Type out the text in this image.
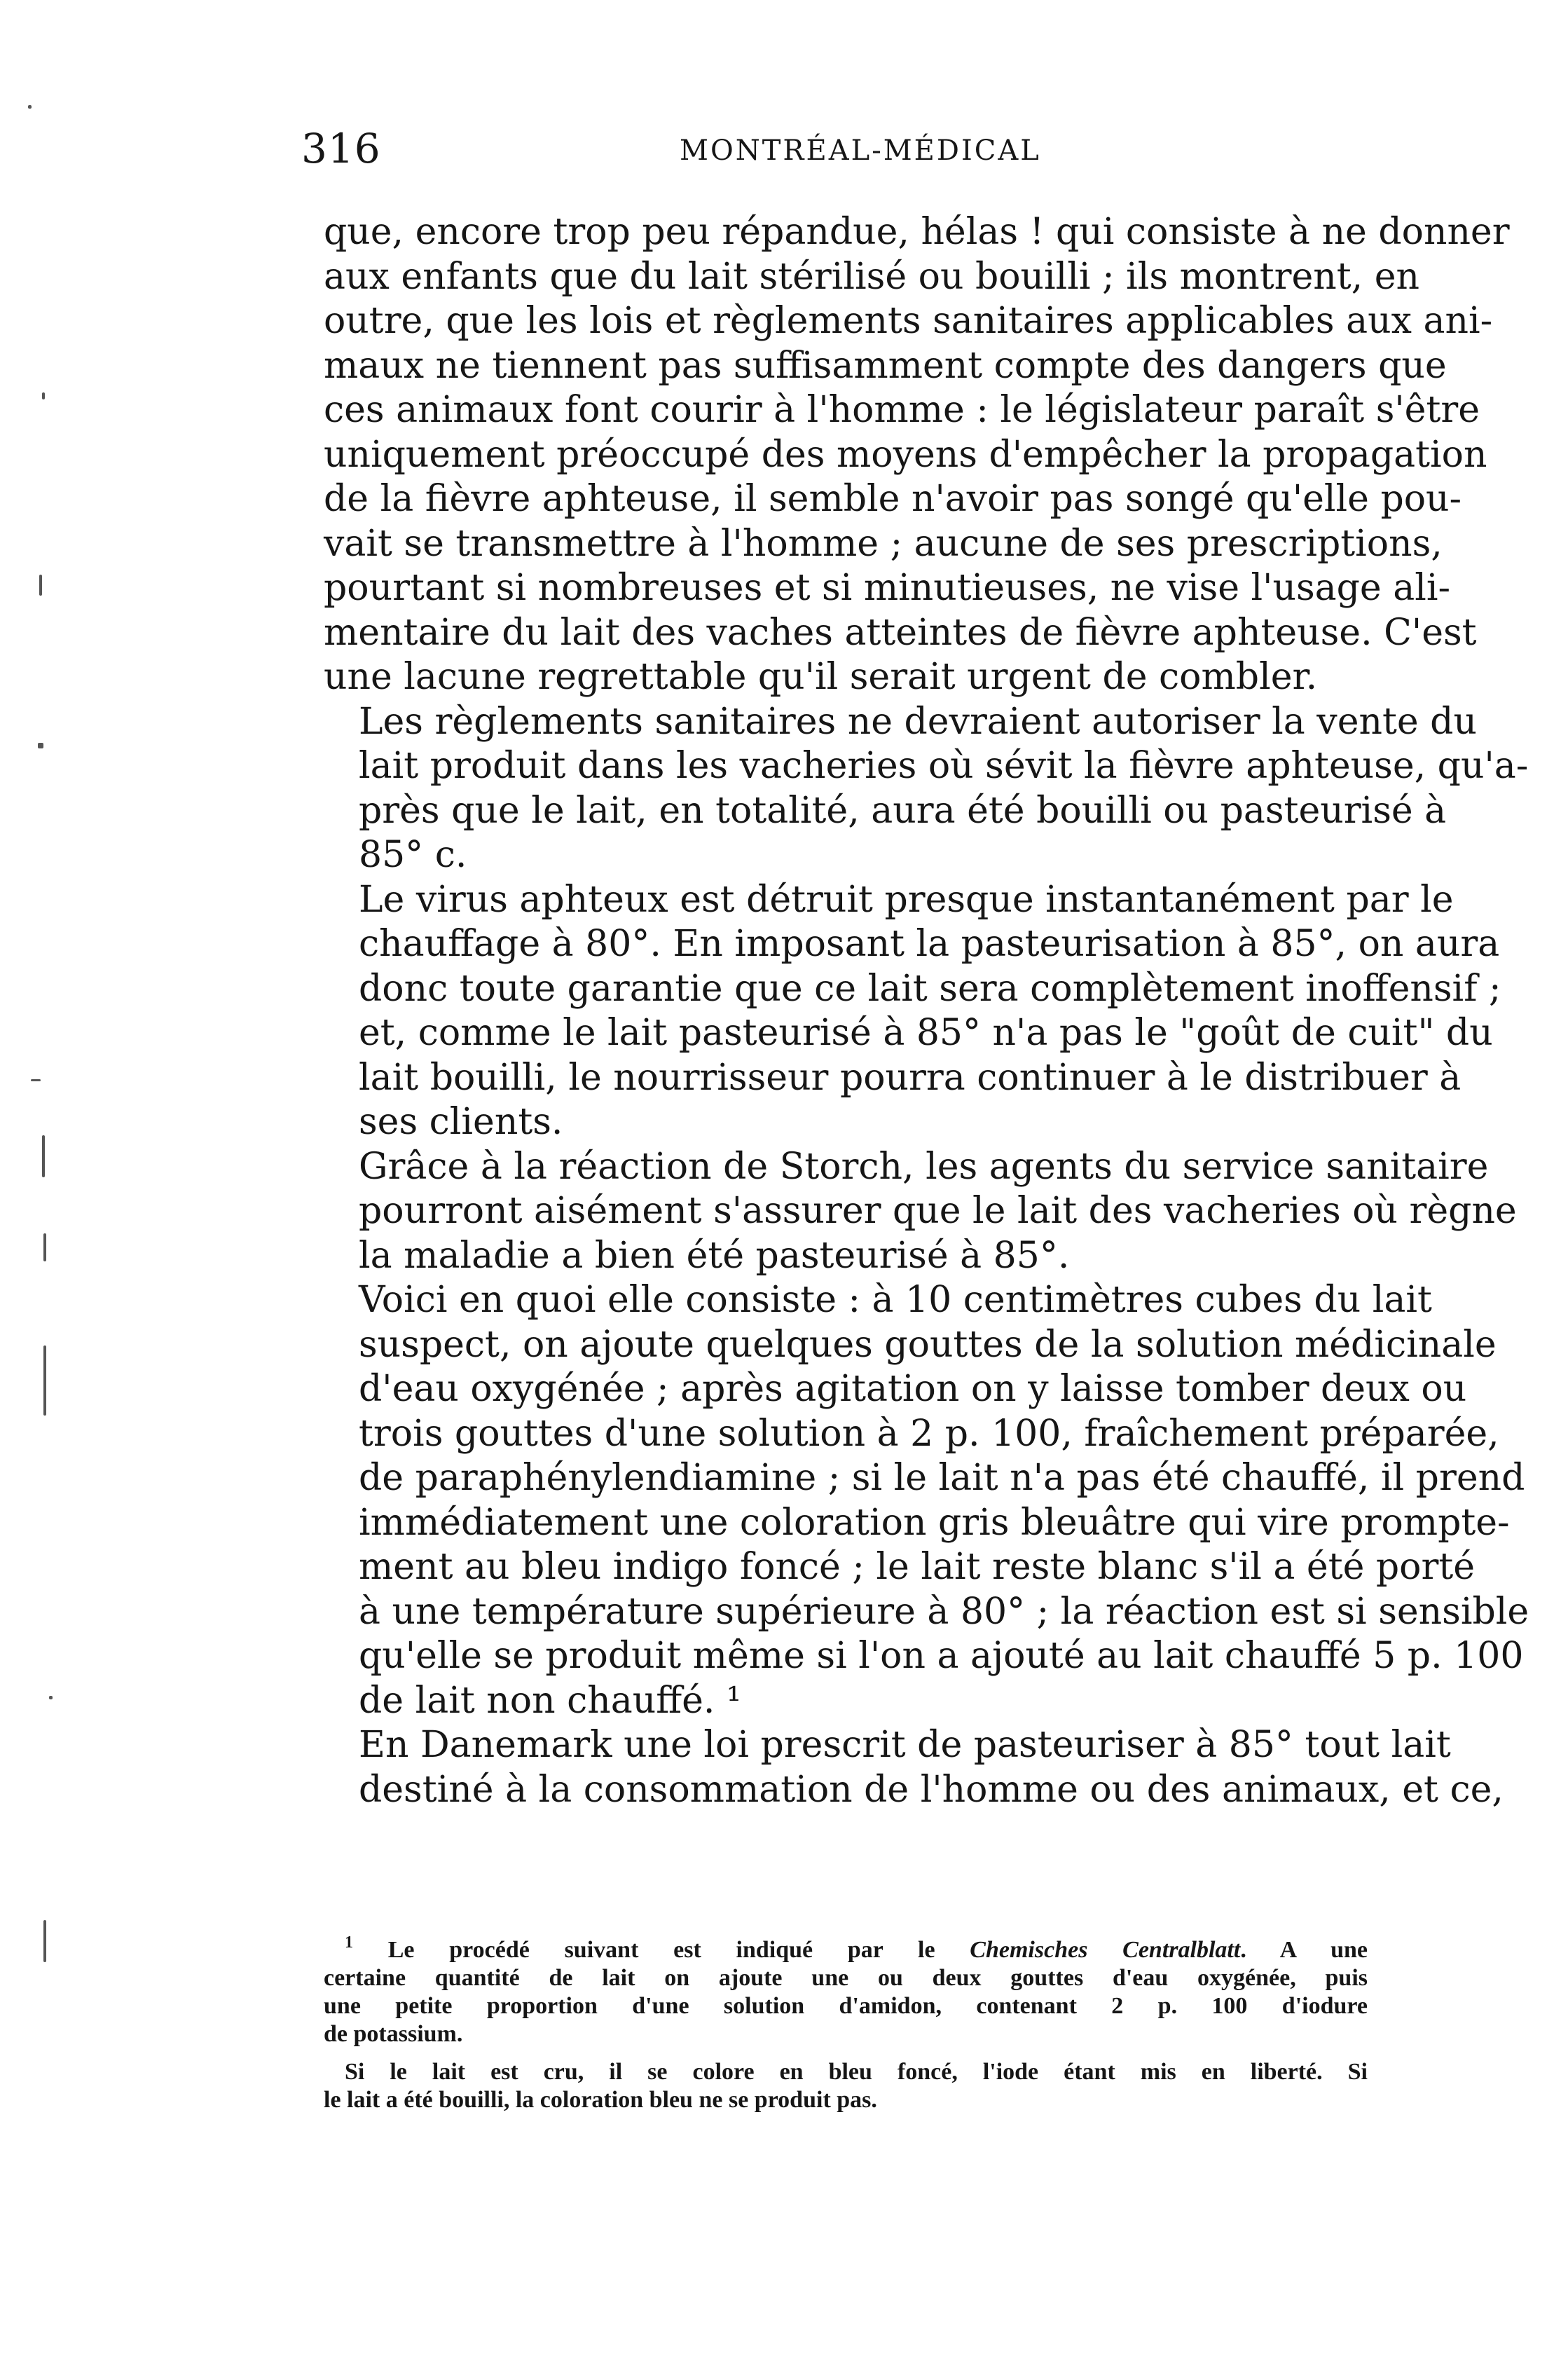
316	MONTRÉAL-MÉDICAL

que, encore trop peu répandue, hélas ! qui consiste à ne donner
aux enfants que du lait stérilisé ou bouilli ; ils montrent, en
outre, que les lois et règlements sanitaires applicables aux ani-
maux ne tiennent pas suffisamment compte des dangers que
ces animaux font courir à l'homme : le législateur paraît s'être
uniquement préoccupé des moyens d'empêcher la propagation
de la fièvre aphteuse, il semble n'avoir pas songé qu'elle pou-
vait se transmettre à l'homme ; aucune de ses prescriptions,
pourtant si nombreuses et si minutieuses, ne vise l'usage ali-
mentaire du lait des vaches atteintes de fièvre aphteuse. C'est
une lacune regrettable qu'il serait urgent de combler.

Les règlements sanitaires ne devraient autoriser la vente du
lait produit dans les vacheries où sévit la fièvre aphteuse, qu'a-
près que le lait, en totalité, aura été bouilli ou pasteurisé à
85° c.

Le virus aphteux est détruit presque instantanément par le
chauffage à 80°. En imposant la pasteurisation à 85°, on aura
donc toute garantie que ce lait sera complètement inoffensif ;
et, comme le lait pasteurisé à 85° n'a pas le "goût de cuit" du
lait bouilli, le nourrisseur pourra continuer à le distribuer à
ses clients.

Grâce à la réaction de Storch, les agents du service sanitaire
pourront aisément s'assurer que le lait des vacheries où règne
la maladie a bien été pasteurisé à 85°.

Voici en quoi elle consiste : à 10 centimètres cubes du lait
suspect, on ajoute quelques gouttes de la solution médicinale
d'eau oxygénée ; après agitation on y laisse tomber deux ou
trois gouttes d'une solution à 2 p. 100, fraîchement préparée,
de paraphénylendiamine ; si le lait n'a pas été chauffé, il prend
immédiatement une coloration gris bleuâtre qui vire prompte-
ment au bleu indigo foncé ; le lait reste blanc s'il a été porté
à une température supérieure à 80° ; la réaction est si sensible
qu'elle se produit même si l'on a ajouté au lait chauffé 5 p. 100
de lait non chauffé. ¹

En Danemark une loi prescrit de pasteuriser à 85° tout lait
destiné à la consommation de l'homme ou des animaux, et ce,

$^1$ Le procédé suivant est indiqué par le Chemisches Centralblatt. A une
certaine quantité de lait on ajoute une ou deux gouttes d'eau oxygénée, puis
une petite proportion d'une solution d'amidon, contenant 2 p. 100 d'iodure
de potassium.

Si le lait est cru, il se colore en bleu foncé, l'iode étant mis en liberté. Si
le lait a été bouilli, la coloration bleu ne se produit pas.
